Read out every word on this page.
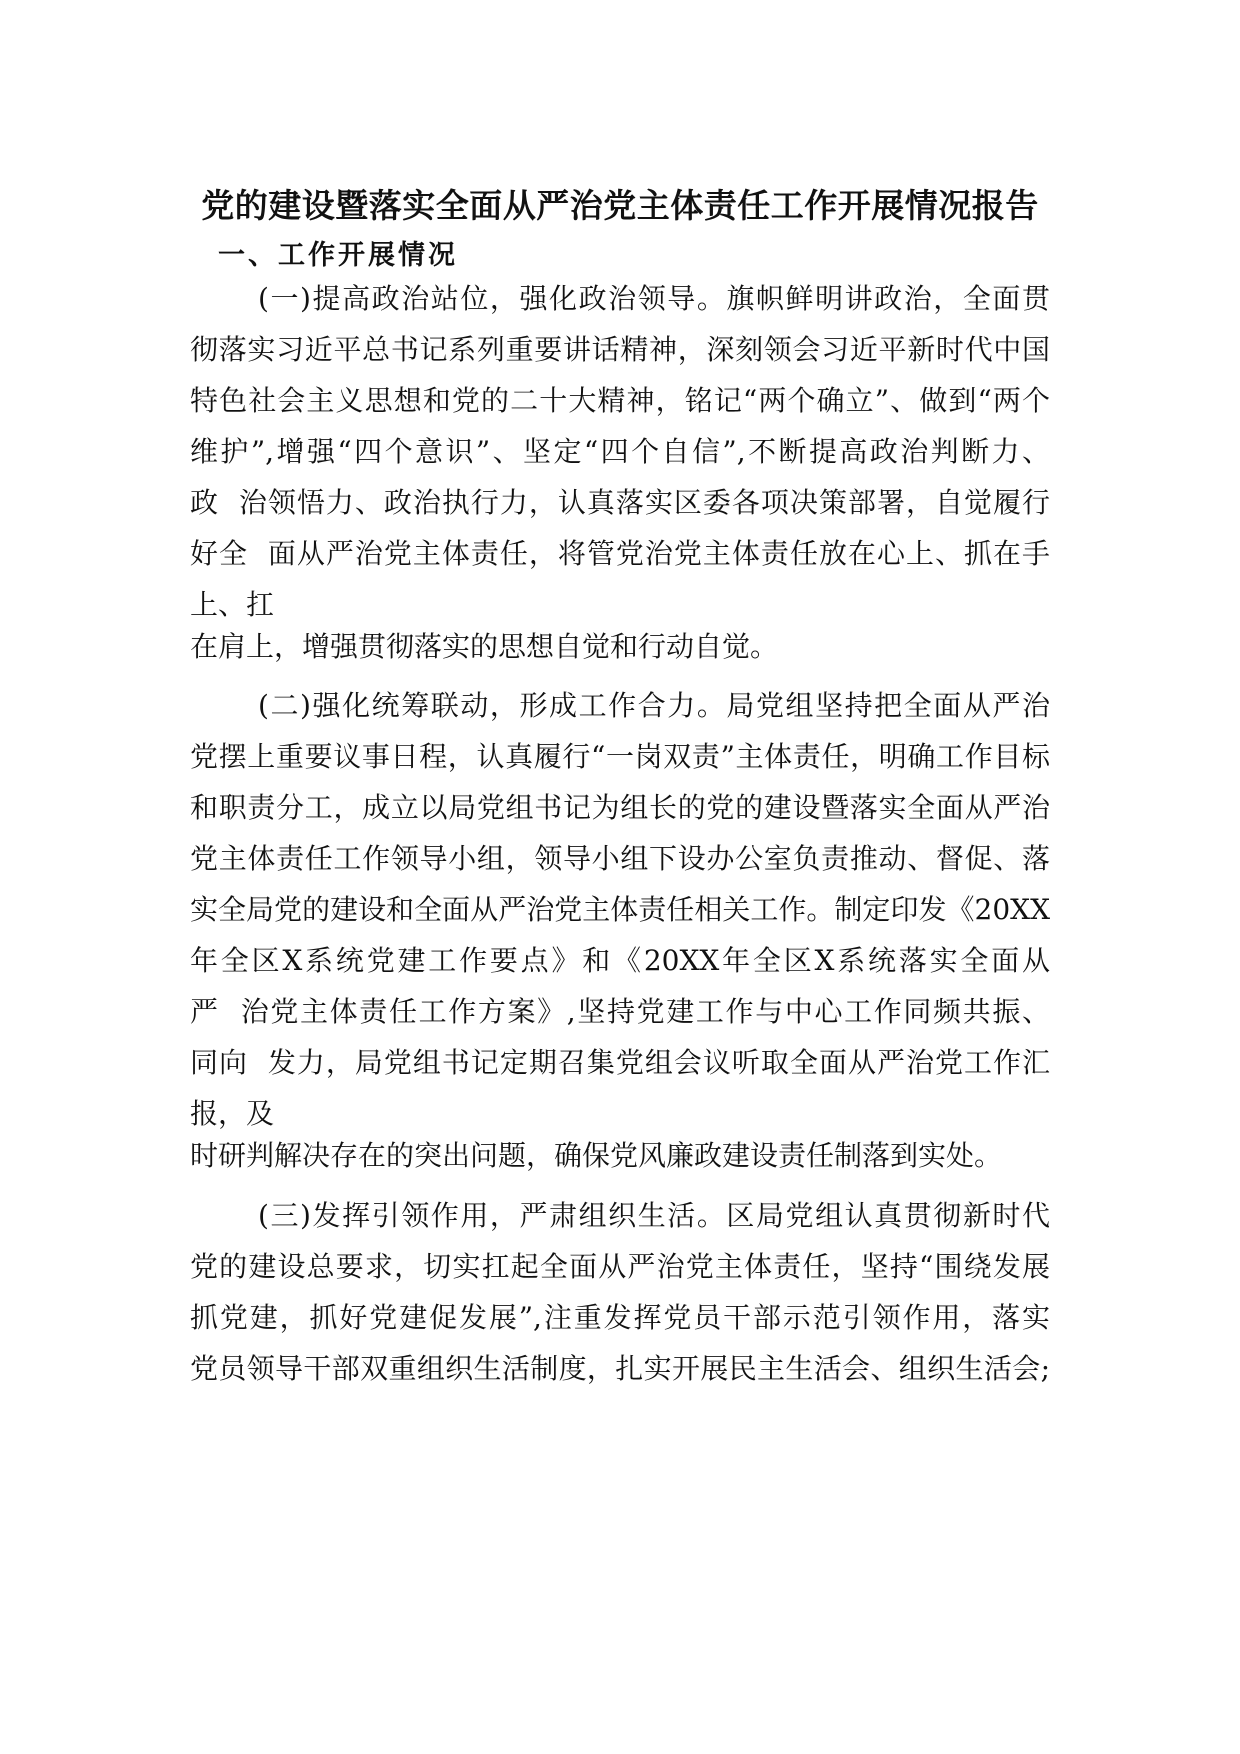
党的建设暨落实全面从严治党主体责任工作开展情况报告
一、工作开展情况
(一)提高政治站位，强化政治领导。旗帜鲜明讲政治，全面贯
彻落实习近平总书记系列重要讲话精神，深刻领会习近平新时代中国
特色社会主义思想和党的二十大精神，铭记“两个确立”、做到“两个
维护”,增强“四个意识”、坚定“四个自信”,不断提高政治判断力、
政  治领悟力、政治执行力，认真落实区委各项决策部署，自觉履行
好全  面从严治党主体责任，将管党治党主体责任放在心上、抓在手
上、扛
在肩上，增强贯彻落实的思想自觉和行动自觉。
(二)强化统筹联动，形成工作合力。局党组坚持把全面从严治
党摆上重要议事日程，认真履行“一岗双责”主体责任，明确工作目标
和职责分工，成立以局党组书记为组长的党的建设暨落实全面从严治
党主体责任工作领导小组，领导小组下设办公室负责推动、督促、落
实全局党的建设和全面从严治党主体责任相关工作。制定印发《20XX
年全区X系统党建工作要点》和《20XX年全区X系统落实全面从
严  治党主体责任工作方案》,坚持党建工作与中心工作同频共振、
同向  发力，局党组书记定期召集党组会议听取全面从严治党工作汇
报，及
时研判解决存在的突出问题，确保党风廉政建设责任制落到实处。
(三)发挥引领作用，严肃组织生活。区局党组认真贯彻新时代
党的建设总要求，切实扛起全面从严治党主体责任，坚持“围绕发展
抓党建，抓好党建促发展”,注重发挥党员干部示范引领作用，落实
党员领导干部双重组织生活制度，扎实开展民主生活会、组织生活会;
